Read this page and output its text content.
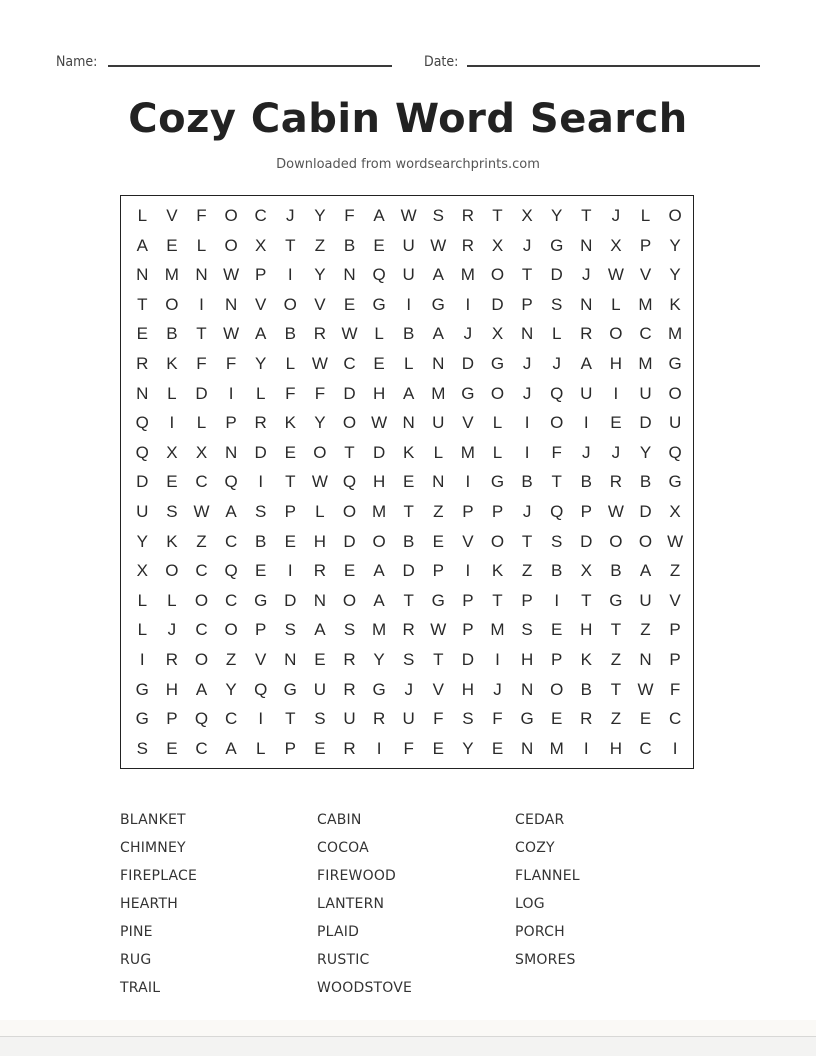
Name:	Date:
Cozy Cabin Word Search
Downloaded from wordsearchprints.com
L	V	F	O C	J	Y	F	A W S	R	T	X	Y	T	J	L	O
A	E	L	O	X	T	Z	B	E	U W R	X	J	G N	X	P	Y
N M N W P	I	Y	N Q U	A M O	T	D	J	W V	Y
T	O	I	N	V	O	V	E	G	I	G	I	D	P	S	N	L	M K
E	B	T W A	B	R W L	B	A	J	X	N	L	R O C M
R	K	F	F	Y	L W C	E	L	N	D G	J	J	A	H M G
N	L	D	I	L	F	F	D	H	A M G O	J	Q U	I	U O
Q	I	L	P	R	K	Y	O W N	U	V	L	I	O	I	E	D	U
Q	X	X	N	D	E	O	T	D	K	L	M	L	I	F	J	J	Y	Q
D	E	C Q	I	T W Q H	E	N	I	G	B	T	B	R	B	G
U	S W A	S	P	L	O M	T	Z	P	P	J	Q	P W D	X
Y	K	Z	C	B	E	H	D O	B	E	V	O	T	S	D O O W
X	O C Q	E	I	R	E	A	D	P	I	K	Z	B	X	B	A	Z
L	L	O C G D	N O	A	T	G	P	T	P	I	T	G U	V
L	J	C O	P	S	A	S M R W P M S	E	H	T	Z	P
I	R O	Z	V	N	E	R	Y	S	T	D	I	H	P	K	Z	N	P
G H	A	Y	Q G U	R G	J	V	H	J	N O	B	T W F
G	P	Q C	I	T	S	U	R	U	F	S	F	G	E	R	Z	E	C
S	E	C	A	L	P	E	R	I	F	E	Y	E	N M	I	H	C	I
BLANKET	CABIN	CEDAR
CHIMNEY	COCOA	COZY
FIREPLACE	FIREWOOD	FLANNEL
HEARTH	LANTERN	LOG
PINE	PLAID	PORCH
RUG	RUSTIC	SMORES
TRAIL	WOODSTOVE
